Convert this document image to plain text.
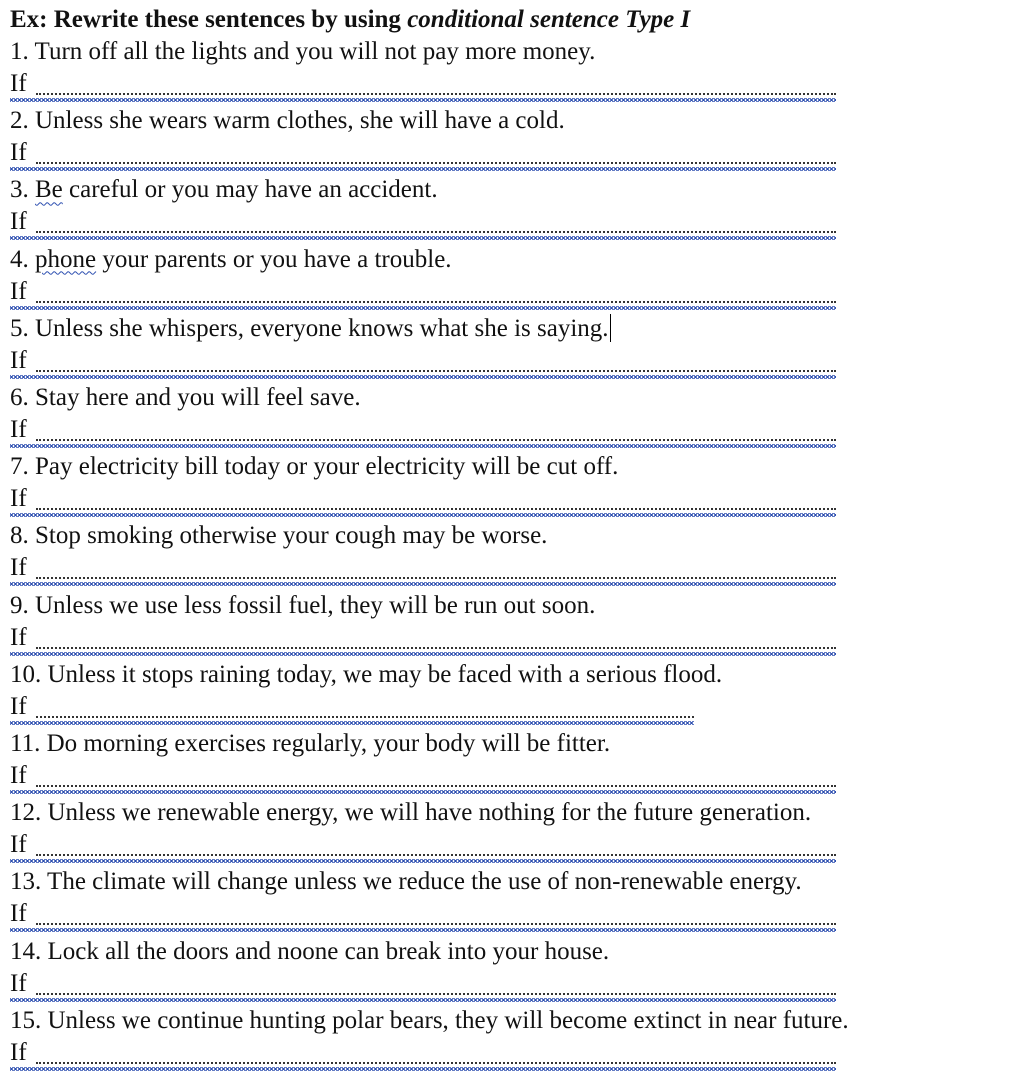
Ex: Rewrite these sentences by using conditional sentence Type I
1. Turn off all the lights and you will not pay more money.
If
2. Unless she wears warm clothes, she will have a cold.
If
3. Be careful or you may have an accident.
If
4. phone your parents or you have a trouble.
If
5. Unless she whispers, everyone knows what she is saying.
If
6. Stay here and you will feel save.
If
7. Pay electricity bill today or your electricity will be cut off.
If
8. Stop smoking otherwise your cough may be worse.
If
9. Unless we use less fossil fuel, they will be run out soon.
If
10. Unless it stops raining today, we may be faced with a serious flood.
If
11. Do morning exercises regularly, your body will be fitter.
If
12. Unless we renewable energy, we will have nothing for the future generation.
If
13. The climate will change unless we reduce the use of non-renewable energy.
If
14. Lock all the doors and noone can break into your house.
If
15. Unless we continue hunting polar bears, they will become extinct in near future.
If
